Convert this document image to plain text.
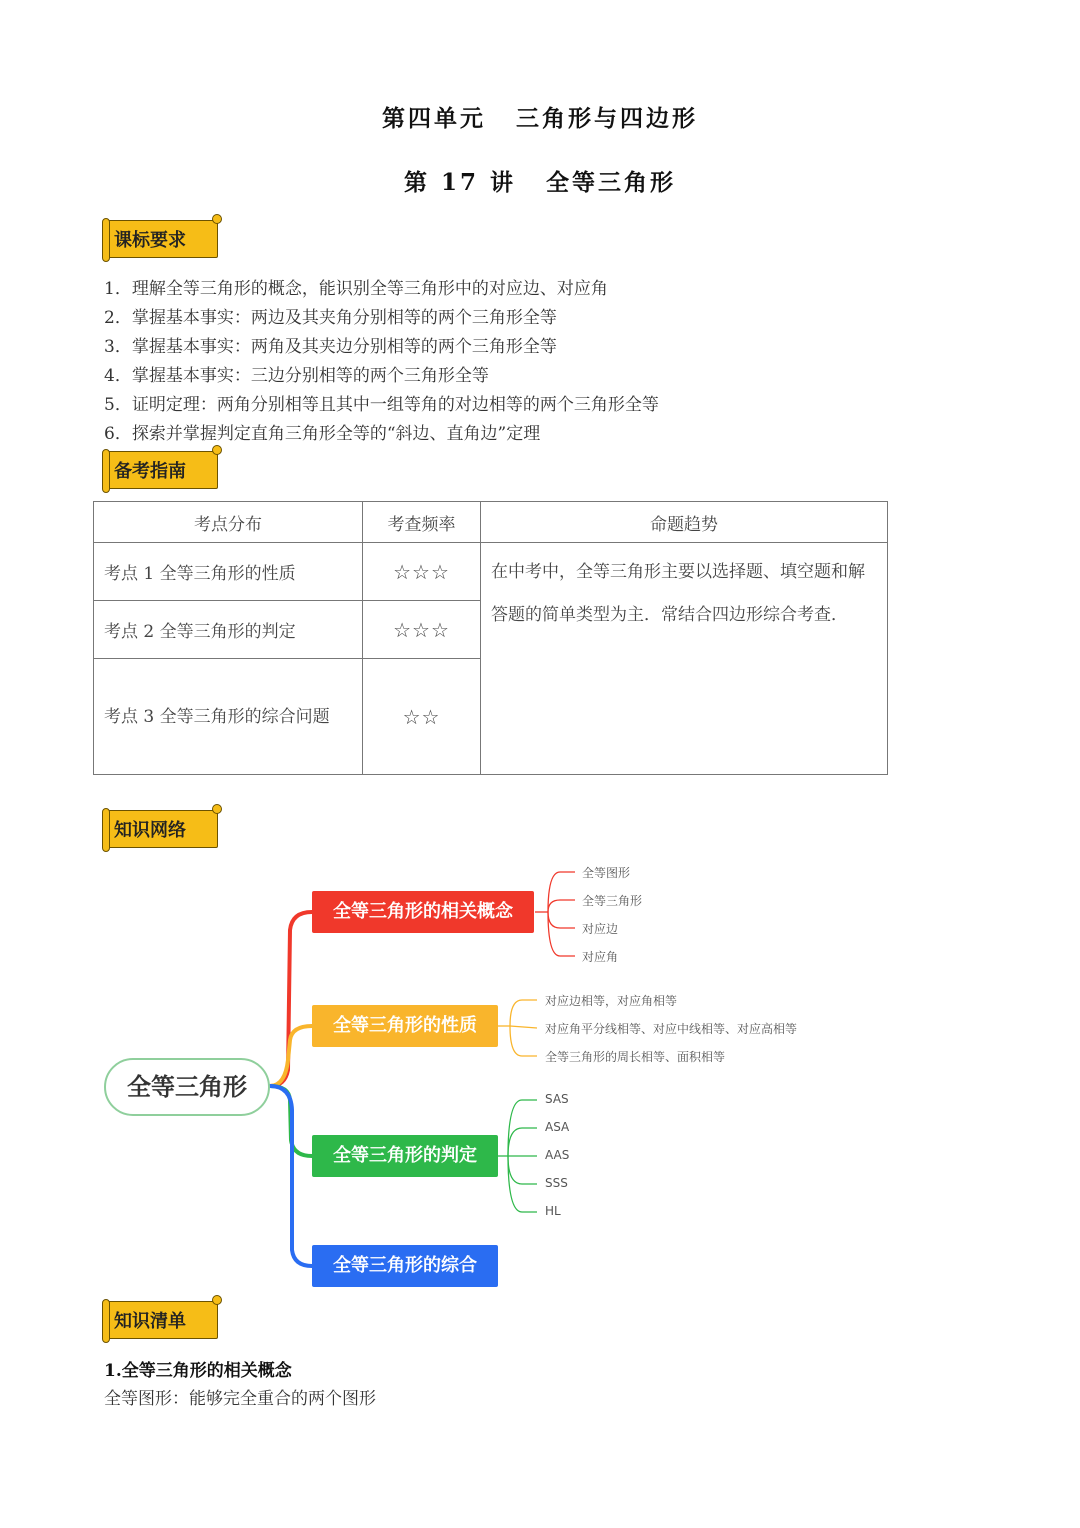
第四单元 三角形与四边形
第 17 讲 全等三角形
课标要求
1．理解全等三角形的概念，能识别全等三角形中的对应边、对应角
2．掌握基本事实：两边及其夹角分别相等的两个三角形全等
3．掌握基本事实：两角及其夹边分别相等的两个三角形全等
4．掌握基本事实：三边分别相等的两个三角形全等
5．证明定理：两角分别相等且其中一组等角的对边相等的两个三角形全等
6．探索并掌握判定直角三角形全等的“斜边、直角边”定理
备考指南
考点分布	考查频率	命题趋势
考点 1 全等三角形的性质	☆☆☆	在中考中，全等三角形主要以选择题、填空题和解答题的简单类型为主．常结合四边形综合考查．
考点 2 全等三角形的判定	☆☆☆	
考点 3 全等三角形的综合问题	☆☆	
知识网络
全等三角形
全等三角形的相关概念
全等三角形的性质
全等三角形的判定
全等三角形的综合
全等图形
全等三角形
对应边
对应角
对应边相等，对应角相等
对应角平分线相等、对应中线相等、对应高相等
全等三角形的周长相等、面积相等
SAS
ASA
AAS
SSS
HL
知识清单
1.全等三角形的相关概念
全等图形：能够完全重合的两个图形
